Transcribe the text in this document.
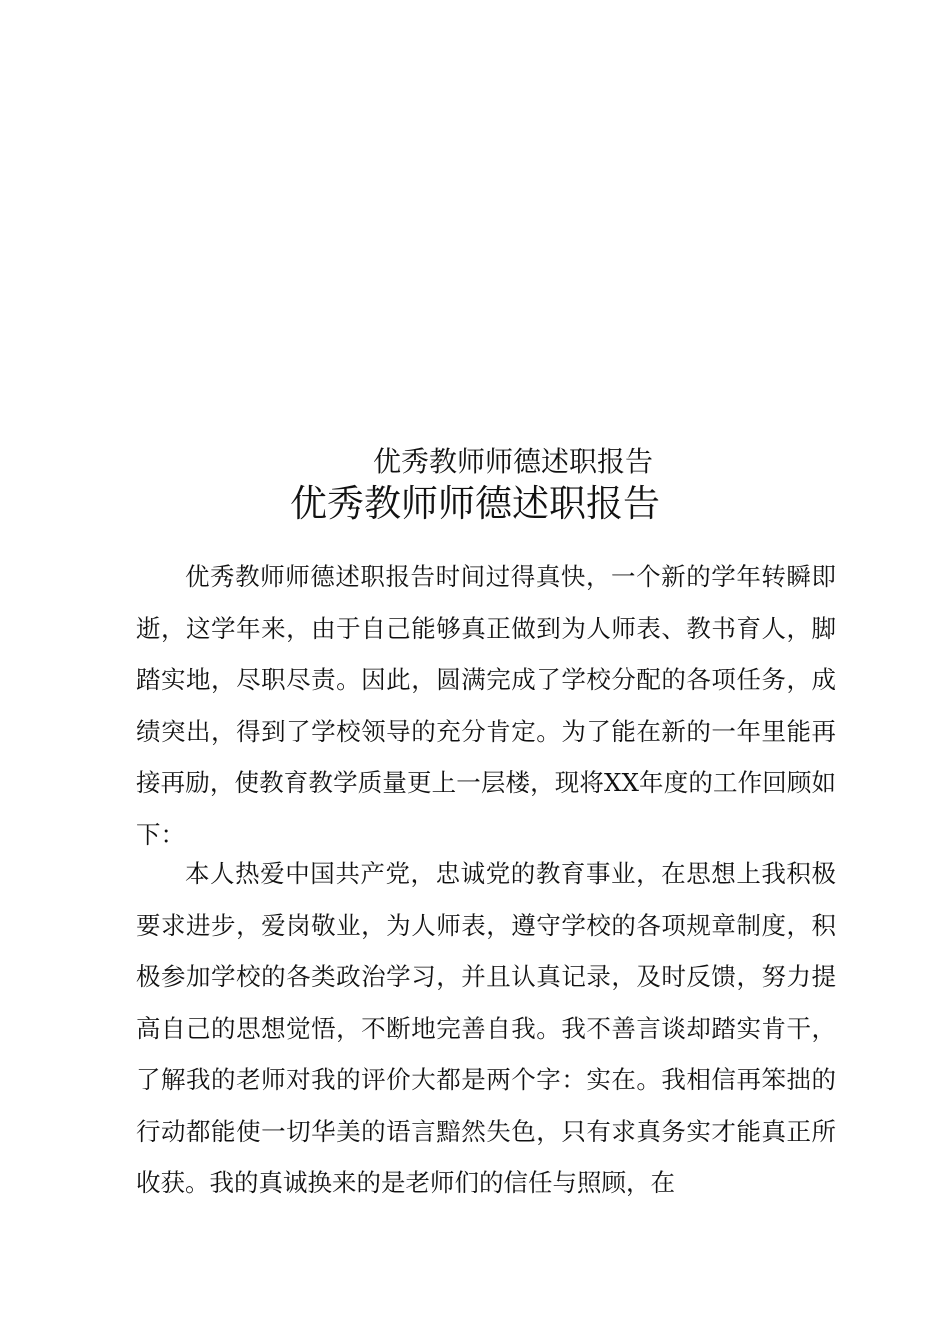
优秀教师师德述职报告
优秀教师师德述职报告

优秀教师师德述职报告时间过得真快，一个新的学年转瞬即逝，这学年来，由于自己能够真正做到为人师表、教书育人，脚踏实地，尽职尽责。因此，圆满完成了学校分配的各项任务，成绩突出，得到了学校领导的充分肯定。为了能在新的一年里能再接再励，使教育教学质量更上一层楼，现将XX年度的工作回顾如下：

本人热爱中国共产党，忠诚党的教育事业，在思想上我积极要求进步，爱岗敬业，为人师表，遵守学校的各项规章制度，积极参加学校的各类政治学习，并且认真记录，及时反馈，努力提高自己的思想觉悟，不断地完善自我。我不善言谈却踏实肯干，了解我的老师对我的评价大都是两个字：实在。我相信再笨拙的行动都能使一切华美的语言黯然失色，只有求真务实才能真正所收获。我的真诚换来的是老师们的信任与照顾，在
